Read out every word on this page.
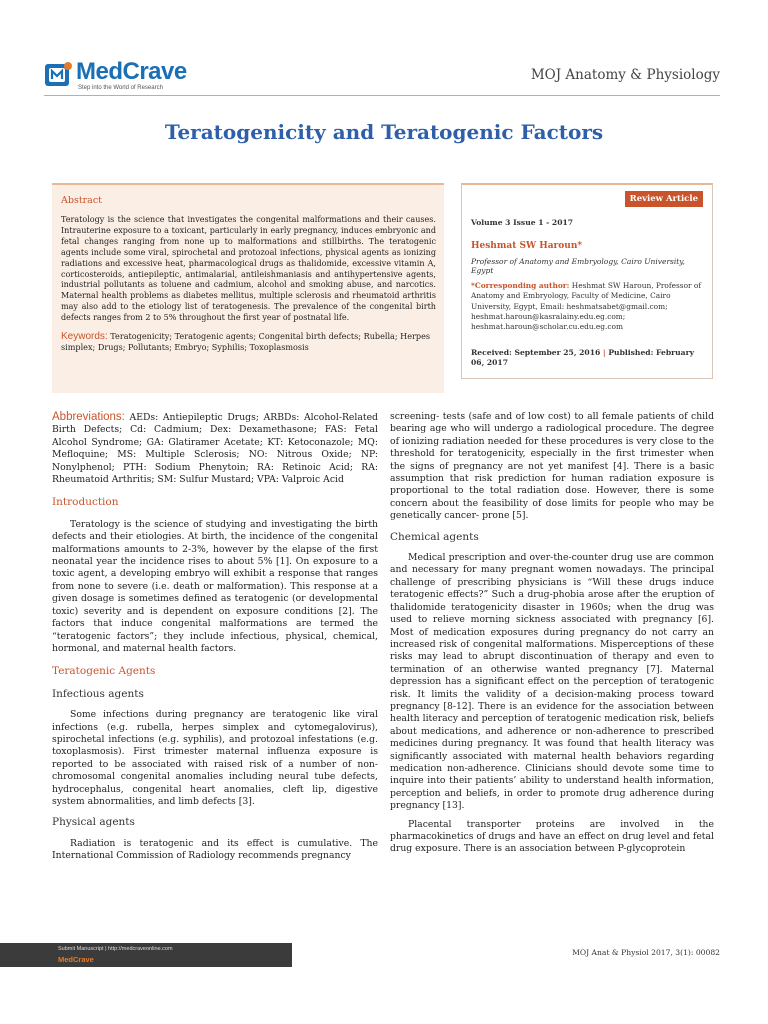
MedCrave
Step into the World of Research
MOJ Anatomy & Physiology
Teratogenicity and Teratogenic Factors
Abstract

Teratology is the science that investigates the congenital malformations and their causes. Intrauterine exposure to a toxicant, particularly in early pregnancy, induces embryonic and fetal changes ranging from none up to malformations and stillbirths. The teratogenic agents include some viral, spirochetal and protozoal infections, physical agents as ionizing radiations and excessive heat, pharmacological drugs as thalidomide, excessive vitamin A, corticosteroids, antiepileptic, antimalarial, antileishmaniasis and antihypertensive agents, industrial pollutants as toluene and cadmium, alcohol and smoking abuse, and narcotics. Maternal health problems as diabetes mellitus, multiple sclerosis and rheumatoid arthritis may also add to the etiology list of teratogenesis. The prevalence of the congenital birth defects ranges from 2 to 5% throughout the first year of postnatal life.

Keywords: Teratogenicity; Teratogenic agents; Congenital birth defects; Rubella; Herpes simplex; Drugs; Pollutants; Embryo; Syphilis; Toxoplasmosis

Review Article
Volume 3 Issue 1 - 2017
Heshmat SW Haroun*
Professor of Anatomy and Embryology, Cairo University, Egypt
*Corresponding author: Heshmat SW Haroun, Professor of Anatomy and Embryology, Faculty of Medicine, Cairo University, Egypt, Email: heshmatsabet@gmail.com; heshmat.haroun@kasralainy.edu.eg.com; heshmat.haroun@scholar.cu.edu.eg.com
Received: September 25, 2016 | Published: February 06, 2017

Abbreviations: AEDs: Antiepileptic Drugs; ARBDs: Alcohol-Related Birth Defects; Cd: Cadmium; Dex: Dexamethasone; FAS: Fetal Alcohol Syndrome; GA: Glatiramer Acetate; KT: Ketoconazole; MQ: Mefloquine; MS: Multiple Sclerosis; NO: Nitrous Oxide; NP: Nonylphenol; PTH: Sodium Phenytoin; RA: Retinoic Acid; RA: Rheumatoid Arthritis; SM: Sulfur Mustard; VPA: Valproic Acid

Introduction

Teratology is the science of studying and investigating the birth defects and their etiologies. At birth, the incidence of the congenital malformations amounts to 2-3%, however by the elapse of the first neonatal year the incidence rises to about 5% [1]. On exposure to a toxic agent, a developing embryo will exhibit a response that ranges from none to severe (i.e. death or malformation). This response at a given dosage is sometimes defined as teratogenic (or developmental toxic) severity and is dependent on exposure conditions [2]. The factors that induce congenital malformations are termed the “teratogenic factors”; they include infectious, physical, chemical, hormonal, and maternal health factors.

Teratogenic Agents
Infectious agents

Some infections during pregnancy are teratogenic like viral infections (e.g. rubella, herpes simplex and cytomegalovirus), spirochetal infections (e.g. syphilis), and protozoal infestations (e.g. toxoplasmosis). First trimester maternal influenza exposure is reported to be associated with raised risk of a number of non-chromosomal congenital anomalies including neural tube defects, hydrocephalus, congenital heart anomalies, cleft lip, digestive system abnormalities, and limb defects [3].

Physical agents

Radiation is teratogenic and its effect is cumulative. The International Commission of Radiology recommends pregnancy

screening- tests (safe and of low cost) to all female patients of child bearing age who will undergo a radiological procedure. The degree of ionizing radiation needed for these procedures is very close to the threshold for teratogenicity, especially in the first trimester when the signs of pregnancy are not yet manifest [4]. There is a basic assumption that risk prediction for human radiation exposure is proportional to the total radiation dose. However, there is some concern about the feasibility of dose limits for people who may be genetically cancer- prone [5].

Chemical agents

Medical prescription and over-the-counter drug use are common and necessary for many pregnant women nowadays. The principal challenge of prescribing physicians is “Will these drugs induce teratogenic effects?” Such a drug-phobia arose after the eruption of thalidomide teratogenicity disaster in 1960s; when the drug was used to relieve morning sickness associated with pregnancy [6]. Most of medication exposures during pregnancy do not carry an increased risk of congenital malformations. Misperceptions of these risks may lead to abrupt discontinuation of therapy and even to termination of an otherwise wanted pregnancy [7]. Maternal depression has a significant effect on the perception of teratogenic risk. It limits the validity of a decision-making process toward pregnancy [8-12]. There is an evidence for the association between health literacy and perception of teratogenic medication risk, beliefs about medications, and adherence or non-adherence to prescribed medicines during pregnancy. It was found that health literacy was significantly associated with maternal health behaviors regarding medication non-adherence. Clinicians should devote some time to inquire into their patients’ ability to understand health information, perception and beliefs, in order to promote drug adherence during pregnancy [13].

Placental transporter proteins are involved in the pharmacokinetics of drugs and have an effect on drug level and fetal drug exposure. There is an association between P-glycoprotein

Submit Manuscript | http://medcraveonline.com
MedCrave
MOJ Anat & Physiol 2017, 3(1): 00082
